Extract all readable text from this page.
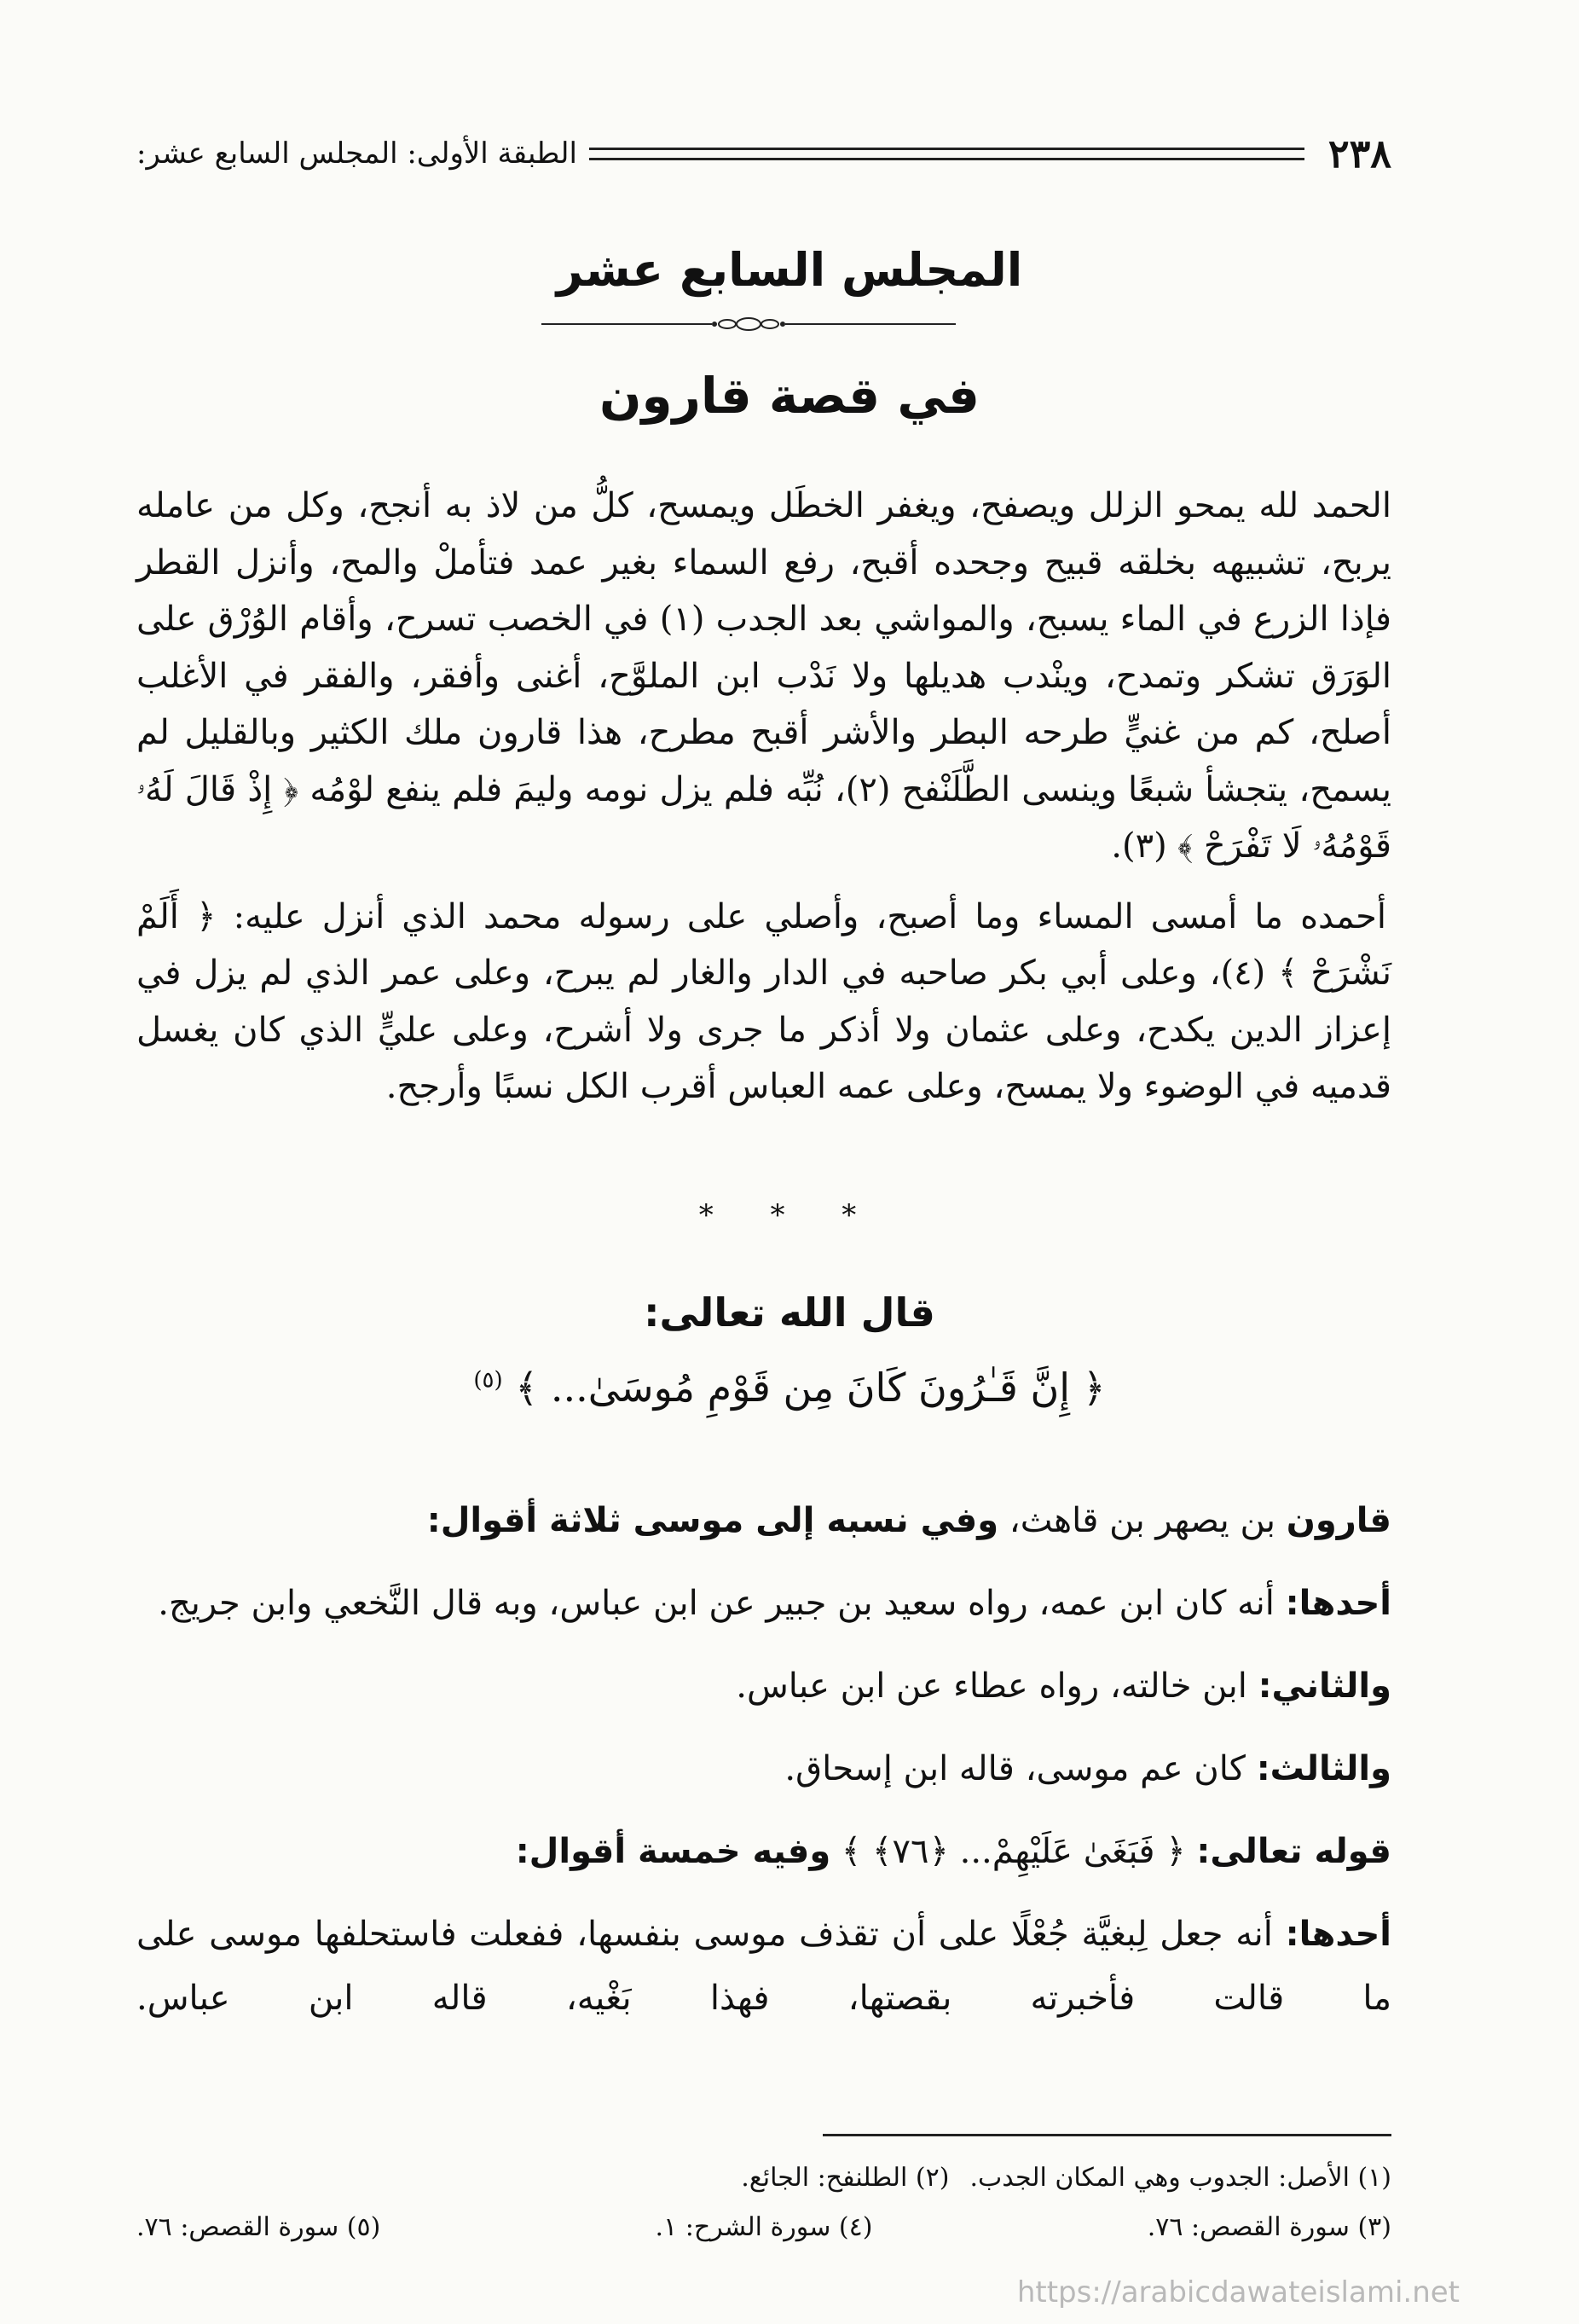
٢٣٨
الطبقة الأولى: المجلس السابع عشر:
المجلس السابع عشر
في قصة قارون

الحمد لله يمحو الزلل ويصفح، ويغفر الخطَل ويمسح، كلُّ من لاذ به أنجح، وكل من عامله يربح، تشبيهه بخلقه قبيح وجحده أقبح، رفع السماء بغير عمد فتأملْ والمح، وأنزل القطر فإذا الزرع في الماء يسبح، والمواشي بعد الجدب (١) في الخصب تسرح، وأقام الوُرْق على الوَرَق تشكر وتمدح، وينْدب هديلها ولا نَدْب ابن الملوَّح، أغنى وأفقر، والفقر في الأغلب أصلح، كم من غنيٍّ طرحه البطر والأشر أقبح مطرح، هذا قارون ملك الكثير وبالقليل لم يسمح، يتجشأ شبعًا وينسى الطَّلَنْفح (٢)، نُبِّه فلم يزل نومه وليمَ فلم ينفع لوْمُه ﴿ إِذْ قَالَ لَهُۥ قَوْمُهُۥ لَا تَفْرَحْ ﴾ (٣).

أحمده ما أمسى المساء وما أصبح، وأصلي على رسوله محمد الذي أنزل عليه: ﴿ أَلَمْ نَشْرَحْ ﴾ (٤)، وعلى أبي بكر صاحبه في الدار والغار لم يبرح، وعلى عمر الذي لم يزل في إعزاز الدين يكدح، وعلى عثمان ولا أذكر ما جرى ولا أشرح، وعلى عليٍّ الذي كان يغسل قدميه في الوضوء ولا يمسح، وعلى عمه العباس أقرب الكل نسبًا وأرجح.

* * *
قال الله تعالى:
﴿ إِنَّ قَـٰرُونَ كَانَ مِن قَوْمِ مُوسَىٰ... ﴾ $^{(٥)}$
قارون بن يصهر بن قاهث، وفي نسبه إلى موسى ثلاثة أقوال:
أحدها: أنه كان ابن عمه، رواه سعيد بن جبير عن ابن عباس، وبه قال النَّخعي وابن جريج.
والثاني: ابن خالته، رواه عطاء عن ابن عباس.
والثالث: كان عم موسى، قاله ابن إسحاق.
قوله تعالى: ﴿ فَبَغَىٰ عَلَيْهِمْ... ﴿٧٦﴾ ﴾ وفيه خمسة أقوال:
أحدها: أنه جعل لِبغيَّة جُعْلًا على أن تقذف موسى بنفسها، ففعلت فاستحلفها موسى على ما قالت فأخبرته بقصتها، فهذا بَغْيه، قاله ابن عباس.
(١) الأصل: الجدوب وهي المكان الجدب.
(٢) الطلنفح: الجائع.
(٣) سورة القصص: ٧٦.
(٤) سورة الشرح: ١.
(٥) سورة القصص: ٧٦.
https://arabicdawateislami.net
